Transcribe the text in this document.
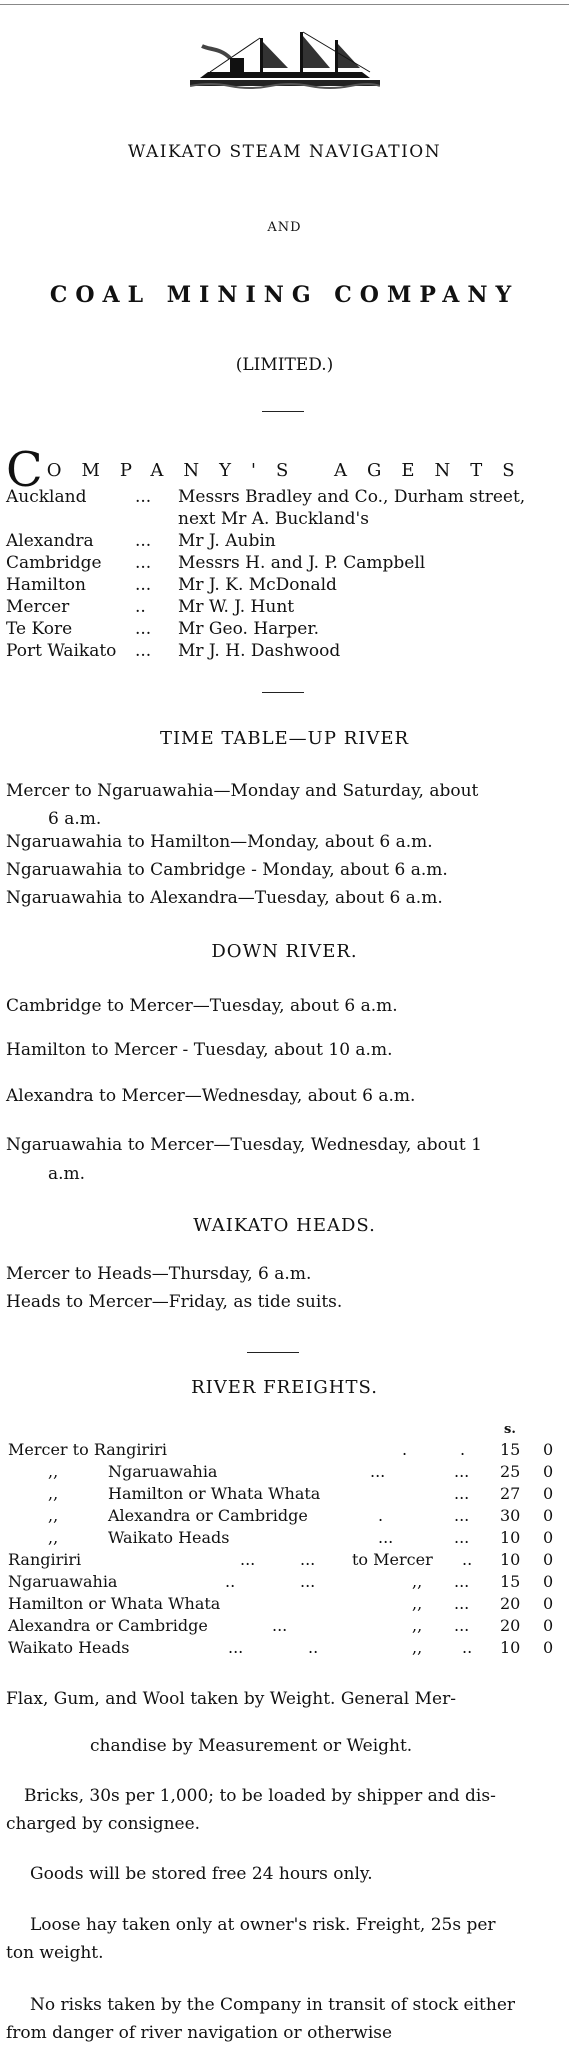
WAIKATO STEAM NAVIGATION
AND
COAL MINING COMPANY
(LIMITED.)
COMPANY'S AGENTS
Auckland	... Messrs Bradley and Co., Durham street,
next Mr A. Buckland's
Alexandra ... Mr J. Aubin
Cambridge ... Messrs H. and J. P. Campbell
Hamilton	... Mr J. K. McDonald
Mercer	.. Mr W. J. Hunt
Te Kore	... Mr Geo. Harper.
Port Waikato ... Mr J. H. Dashwood
TIME TABLE—UP RIVER
Mercer to Ngaruawahia—Monday and Saturday, about
6 a.m.
Ngaruawahia to Hamilton—Monday, about 6 a.m.
Ngaruawahia to Cambridge - Monday, about 6 a.m.
Ngaruawahia to Alexandra—Tuesday, about 6 a.m.
DOWN RIVER.
Cambridge to Mercer—Tuesday, about 6 a.m.
Hamilton to Mercer - Tuesday, about 10 a.m.
Alexandra to Mercer—Wednesday, about 6 a.m.
Ngaruawahia to Mercer—Tuesday, Wednesday, about 1
a.m.
WAIKATO HEADS.
Mercer to Heads—Thursday, 6 a.m.
Heads to Mercer—Friday, as tide suits.
RIVER FREIGHTS.
s.
Mercer to Rangiriri	.	. 15 0
,,	Ngaruawahia	...	... 25 0
,,	Hamilton or Whata Whata	... 27 0
,,	Alexandra or Cambridge	.	... 30 0
,,	Waikato Heads	...	... 10 0
Rangiriri	...	... to Mercer .. 10 0
Ngaruawahia	..	...	,, ... 15 0
Hamilton or Whata Whata	,, ... 20 0
Alexandra or Cambridge	...	,, ... 20 0
Waikato Heads	...	..	,, .. 10 0
Flax, Gum, and Wool taken by Weight. General Mer-
chandise by Measurement or Weight.
Bricks, 30s per 1,000; to be loaded by shipper and dis-
charged by consignee.
Goods will be stored free 24 hours only.
Loose hay taken only at owner's risk. Freight, 25s per
ton weight.
No risks taken by the Company in transit of stock either
from danger of river navigation or otherwise
